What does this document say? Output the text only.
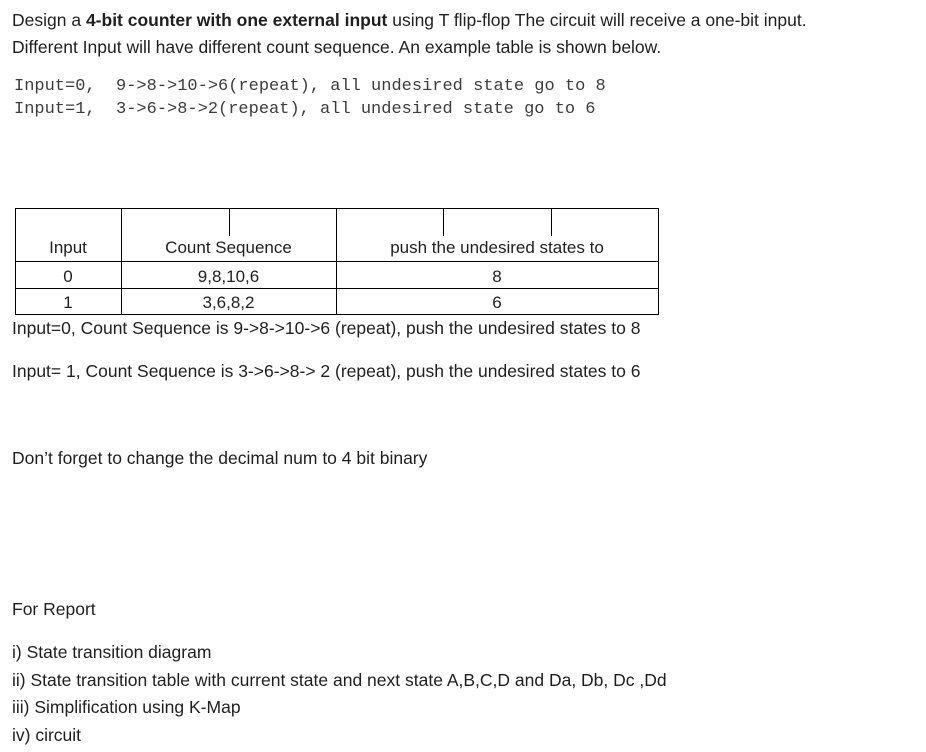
Design a 4-bit counter with one external input using T flip-flop The circuit will receive a one-bit input.
Different Input will have different count sequence. An example table is shown below.
Input=0,  9->8->10->6(repeat), all undesired state go to 8
Input=1,  3->6->8->2(repeat), all undesired state go to 6
Input	Count Sequence	push the undesired states to
0	9,8,10,6	8
1	3,6,8,2	6
Input=0, Count Sequence is 9->8->10->6 (repeat), push the undesired states to 8
Input= 1, Count Sequence is 3->6->8-> 2 (repeat), push the undesired states to 6
Don’t forget to change the decimal num to 4 bit binary
For Report
i) State transition diagram
ii) State transition table with current state and next state A,B,C,D and Da, Db, Dc ,Dd
iii) Simplification using K-Map
iv) circuit
